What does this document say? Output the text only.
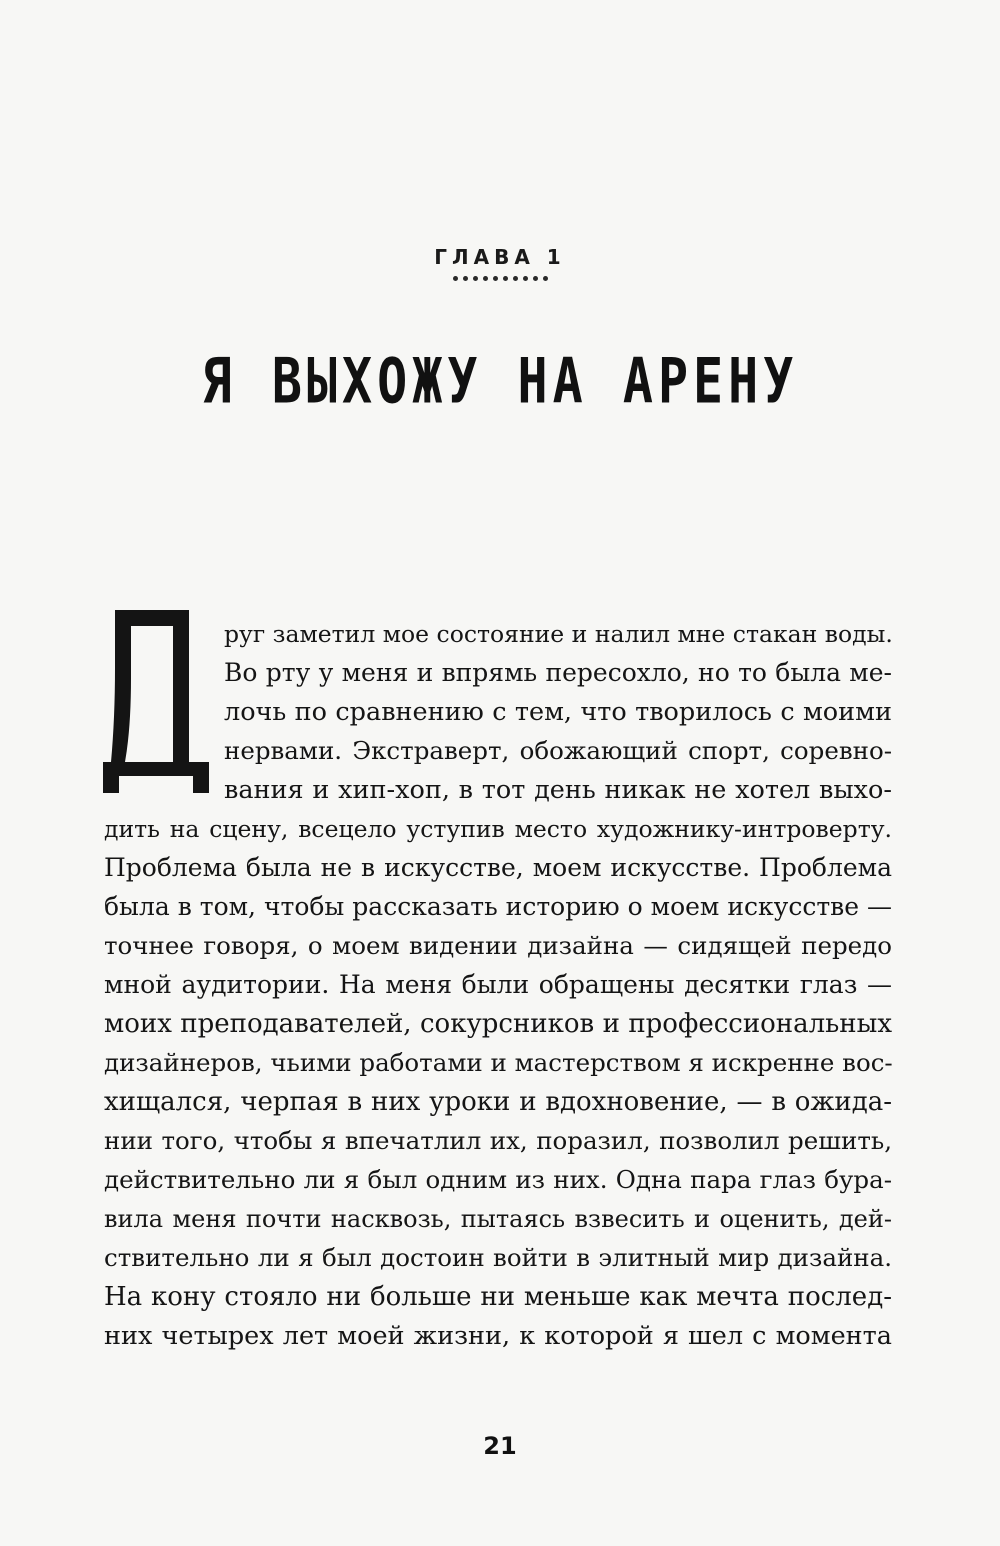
ГЛАВА 1
Я ВЫХОЖУ НА АРЕНУ
руг заметил мое состояние и налил мне стакан воды.
Во рту у меня и впрямь пересохло, но то была ме-
лочь по сравнению с тем, что творилось с моими
нервами. Экстраверт, обожающий спорт, соревно-
вания и хип-хоп, в тот день никак не хотел выхо-
дить на сцену, всецело уступив место художнику-интроверту.
Проблема была не в искусстве, моем искусстве. Проблема
была в том, чтобы рассказать историю о моем искусстве —
точнее говоря, о моем видении дизайна — сидящей передо
мной аудитории. На меня были обращены десятки глаз —
моих преподавателей, сокурсников и профессиональных
дизайнеров, чьими работами и мастерством я искренне вос-
хищался, черпая в них уроки и вдохновение, — в ожида-
нии того, чтобы я впечатлил их, поразил, позволил решить,
действительно ли я был одним из них. Одна пара глаз бура-
вила меня почти насквозь, пытаясь взвесить и оценить, дей-
ствительно ли я был достоин войти в элитный мир дизайна.
На кону стояло ни больше ни меньше как мечта послед-
них четырех лет моей жизни, к которой я шел с момента
21
